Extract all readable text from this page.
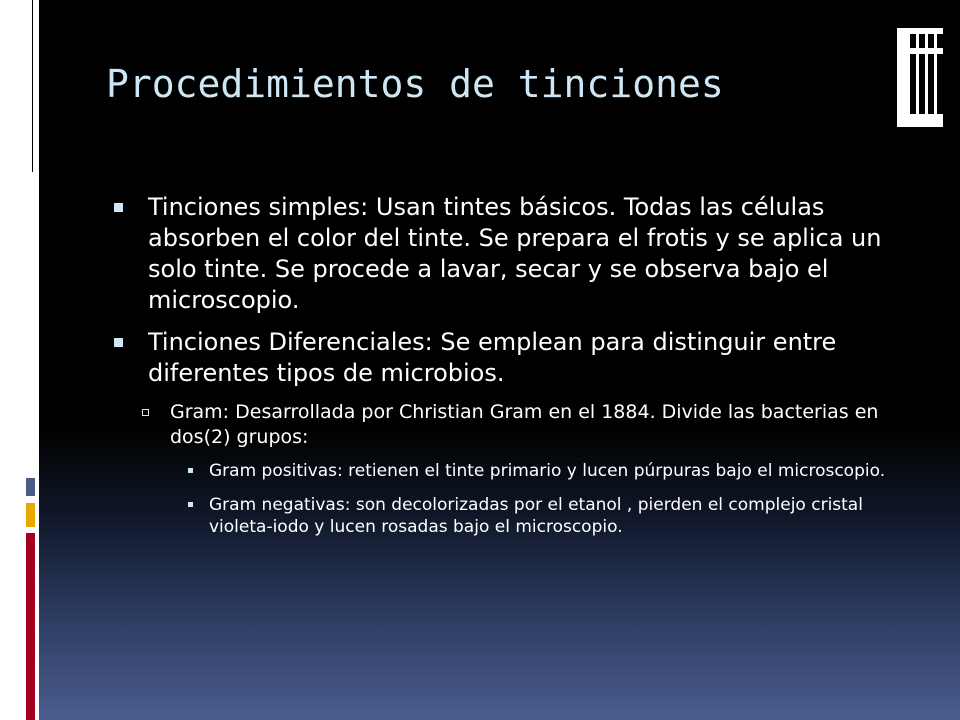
Procedimientos de tinciones
Tinciones simples: Usan tintes básicos. Todas las células absorben el color del tinte. Se prepara el frotis y se aplica un solo tinte. Se procede a lavar, secar y se observa bajo el microscopio.
Tinciones Diferenciales: Se emplean para distinguir entre diferentes tipos de microbios.
Gram: Desarrollada por Christian Gram en el 1884. Divide las bacterias en dos(2) grupos:
Gram positivas: retienen el tinte primario y lucen púrpuras bajo el microscopio.
Gram negativas: son decolorizadas por el etanol , pierden el complejo cristal violeta-iodo y lucen rosadas bajo el microscopio.
